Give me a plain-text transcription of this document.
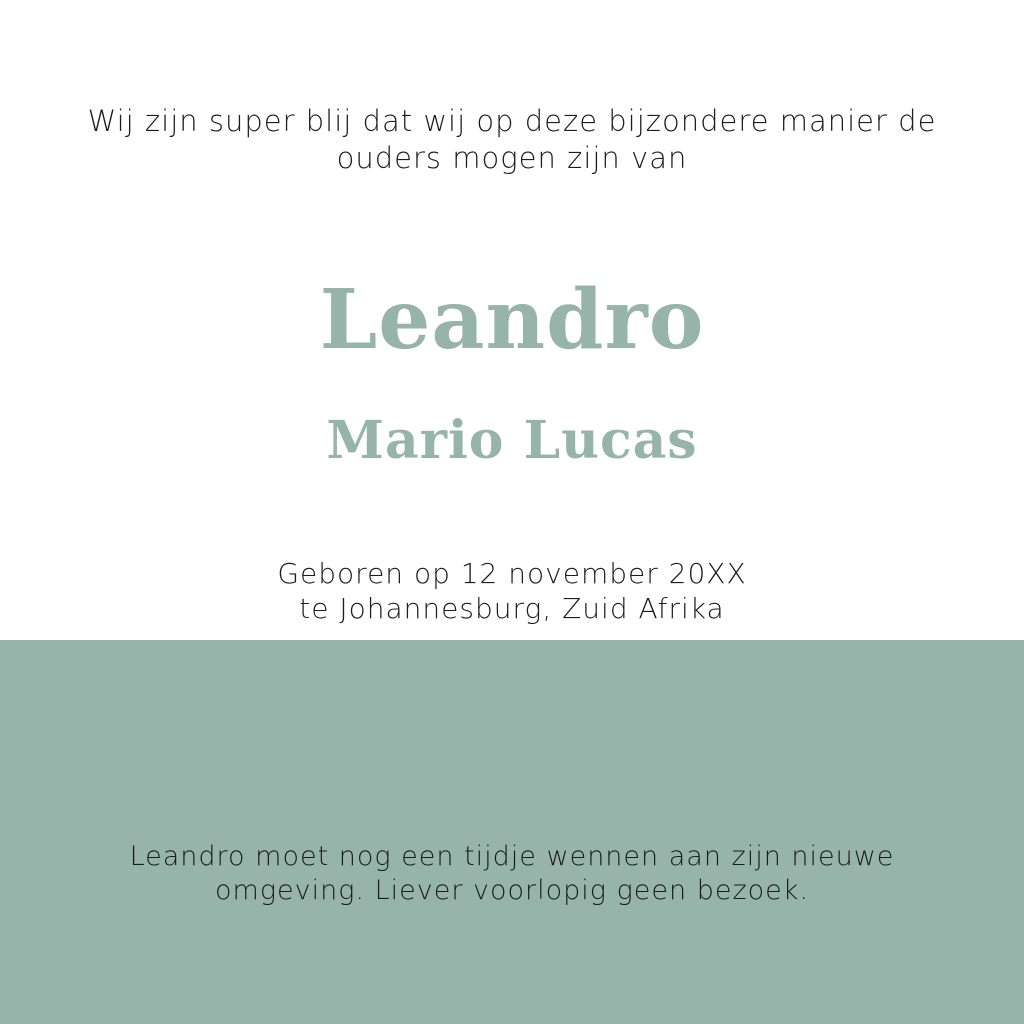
Wij zijn super blij dat wij op deze bijzondere manier de
ouders mogen zijn van
Leandro
Mario Lucas
Geboren op 12 november 20XX
te Johannesburg, Zuid Afrika
Leandro moet nog een tijdje wennen aan zijn nieuwe
omgeving. Liever voorlopig geen bezoek.
